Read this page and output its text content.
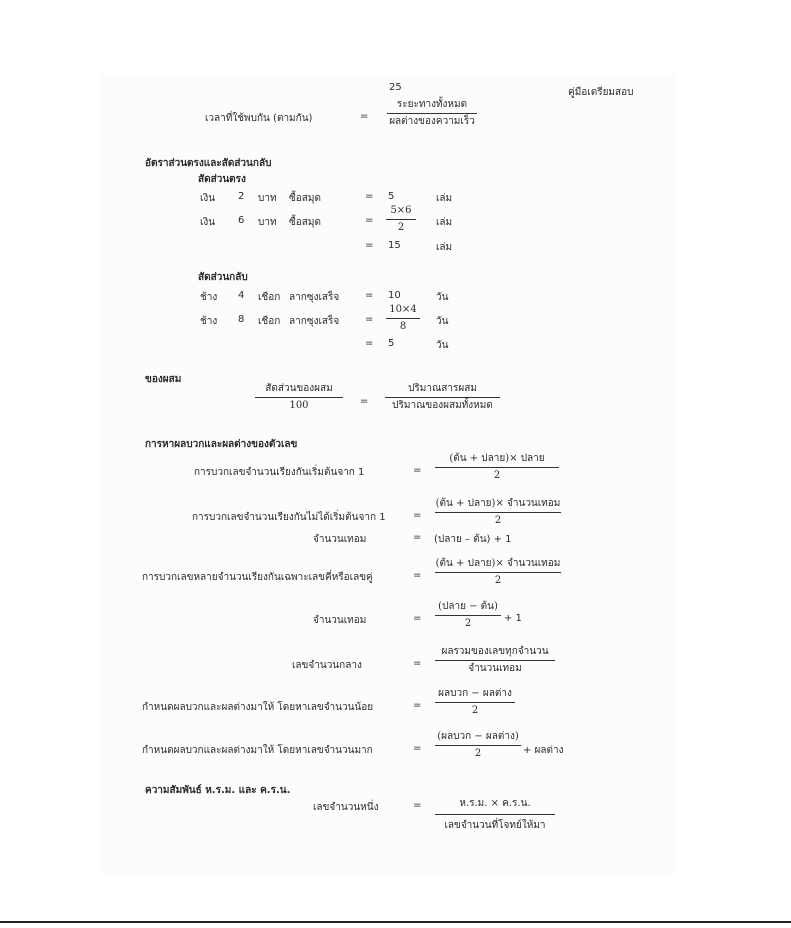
25	คู่มือเตรียมสอบ
เวลาที่ใช้พบกัน (ตามกัน)	=
ระยะทางทั้งหมด
ผลต่างของความเร็ว
อัตราส่วนตรงและสัดส่วนกลับ
สัดส่วนตรง
เงิน 2 บาท ซื้อสมุด	= 5	เล่ม
เงิน 6 บาท ซื้อสมุด	=
5×6
2	เล่ม
= 15	เล่ม
สัดส่วนกลับ
ช้าง 4 เชือก ลากซุงเสร็จ	= 10	วัน
ช้าง 8 เชือก ลากซุงเสร็จ	=
10×4
8	วัน
= 5	วัน
ของผสม
สัดส่วนของผสม
100	=
ปริมาณสารผสม
ปริมาณของผสมทั้งหมด
การหาผลบวกและผลต่างของตัวเลข
การบวกเลขจำนวนเรียงกันเริ่มต้นจาก 1	=
(ต้น + ปลาย)× ปลาย
2
การบวกเลขจำนวนเรียงกันไม่ได้เริ่มต้นจาก 1	=
(ต้น + ปลาย)× จำนวนเทอม
2
จำนวนเทอม	= (ปลาย – ต้น) + 1
การบวกเลขหลายจำนวนเรียงกันเฉพาะเลขคี่หรือเลขคู่	=
(ต้น + ปลาย)× จำนวนเทอม
2
จำนวนเทอม	=
(ปลาย − ต้น)
2	+ 1
เลขจำนวนกลาง	=
ผลรวมของเลขทุกจำนวน
จำนวนเทอม
กำหนดผลบวกและผลต่างมาให้ โดยหาเลขจำนวนน้อย	=
ผลบวก − ผลต่าง
2
กำหนดผลบวกและผลต่างมาให้ โดยหาเลขจำนวนมาก	=
(ผลบวก − ผลต่าง)
2	+ ผลต่าง
ความสัมพันธ์ ห.ร.ม. และ ค.ร.น.
เลขจำนวนหนึ่ง	=	ห.ร.ม. × ค.ร.น.
เลขจำนวนที่โจทย์ให้มา
